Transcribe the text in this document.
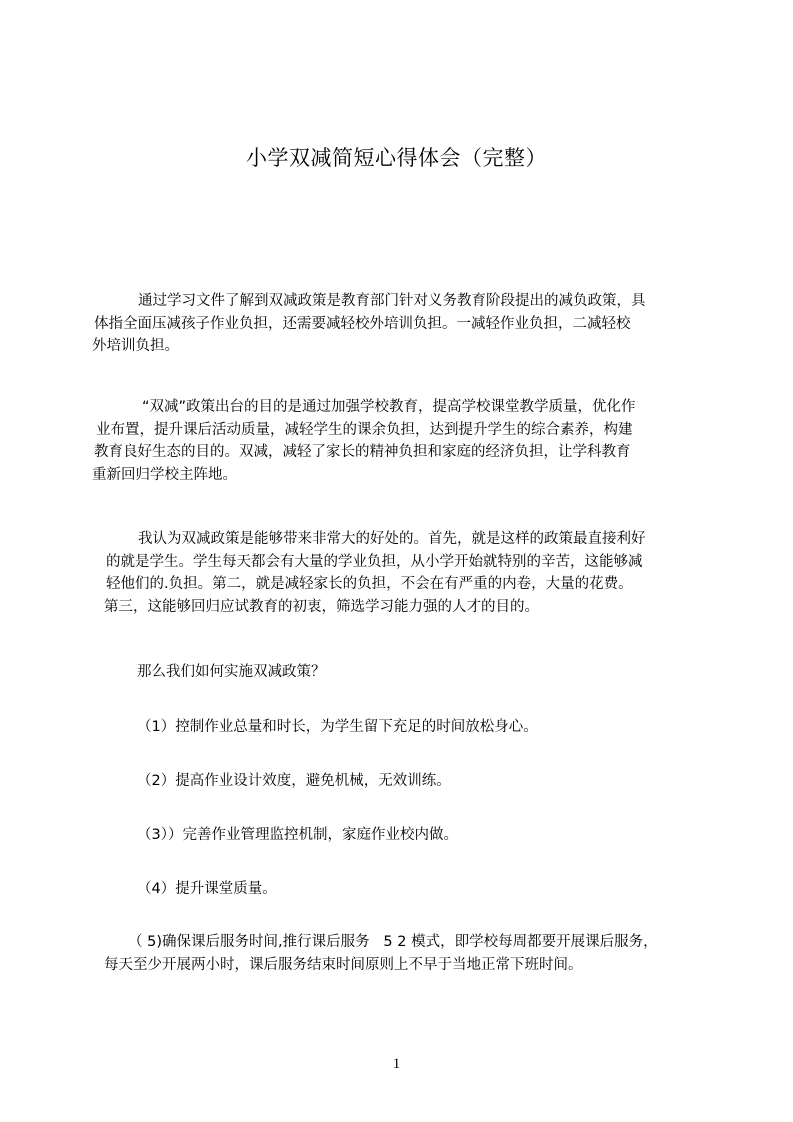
小学双减简短心得体会（完整）
通过学习文件了解到双减政策是教育部门针对义务教育阶段提出的减负政策，具
体指全面压减孩子作业负担，还需要减轻校外培训负担。一减轻作业负担，二减轻校
外培训负担。
“双减”政策出台的目的是通过加强学校教育，提高学校课堂教学质量，优化作
业布置，提升课后活动质量，减轻学生的课余负担，达到提升学生的综合素养，构建
教育良好生态的目的。双减，减轻了家长的精神负担和家庭的经济负担，让学科教育
重新回归学校主阵地。
我认为双减政策是能够带来非常大的好处的。首先，就是这样的政策最直接利好
的就是学生。学生每天都会有大量的学业负担，从小学开始就特别的辛苦，这能够减
轻他们的.负担。第二，就是减轻家长的负担，不会在有严重的内卷，大量的花费。
第三，这能够回归应试教育的初衷，筛选学习能力强的人才的目的。
那么我们如何实施双减政策？
（1）控制作业总量和时长，为学生留下充足的时间放松身心。
（2）提高作业设计效度，避免机械，无效训练。
（3））完善作业管理监控机制，家庭作业校内做。
（4）提升课堂质量。
（ 5)确保课后服务时间,推行课后服务   5 2 模式，即学校每周都要开展课后服务，
每天至少开展两小时，课后服务结束时间原则上不早于当地正常下班时间。
1
